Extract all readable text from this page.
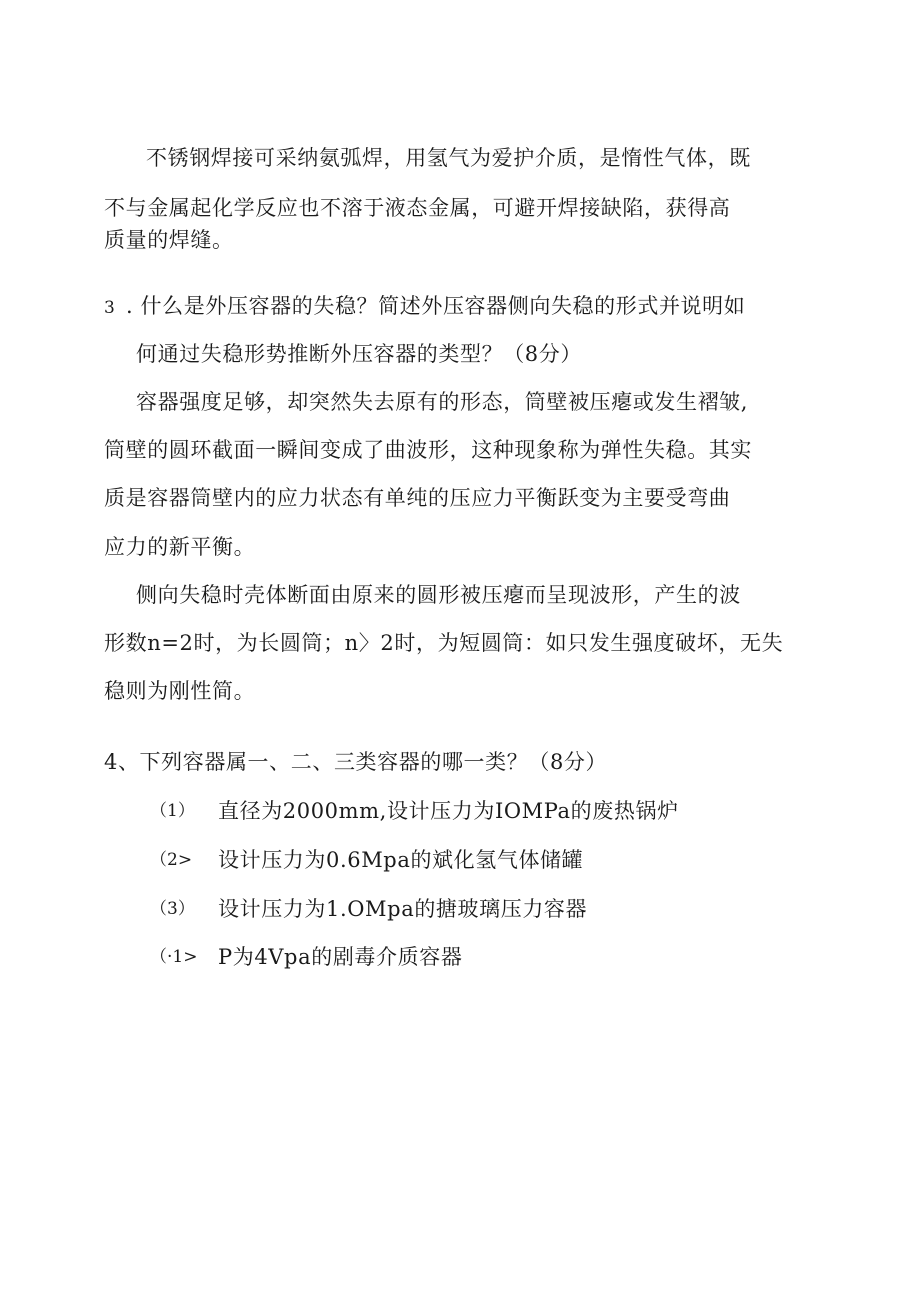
不锈钢焊接可采纳氨弧焊，用氢气为爱护介质，是惰性气体，既
不与金属起化学反应也不溶于液态金属，可避开焊接缺陷，获得高
质量的焊缝。
3 . 什么是外压容器的失稳？简述外压容器侧向失稳的形式并说明如
何通过失稳形势推断外压容器的类型？（8分）
容器强度足够，却突然失去原有的形态，筒壁被压瘪或发生褶皱,
筒壁的圆环截面一瞬间变成了曲波形，这种现象称为弹性失稳。其实
质是容器筒壁内的应力状态有单纯的压应力平衡跃变为主要受弯曲
应力的新平衡。
侧向失稳时壳体断面由原来的圆形被压瘪而呈现波形，产生的波
形数n=2时，为长圆筒；n〉2时，为短圆筒：如只发生强度破坏，无失
稳则为刚性简。
4、下列容器属一、二、三类容器的哪一类？（8分）
（1） 直径为2000mm,设计压力为IOMPa的废热锅炉
（2> 设计压力为0.6Mpa的斌化氢气体储罐
（3） 设计压力为1.OMpa的搪玻璃压力容器
（·1> P为4Vpa的剧毒介质容器
